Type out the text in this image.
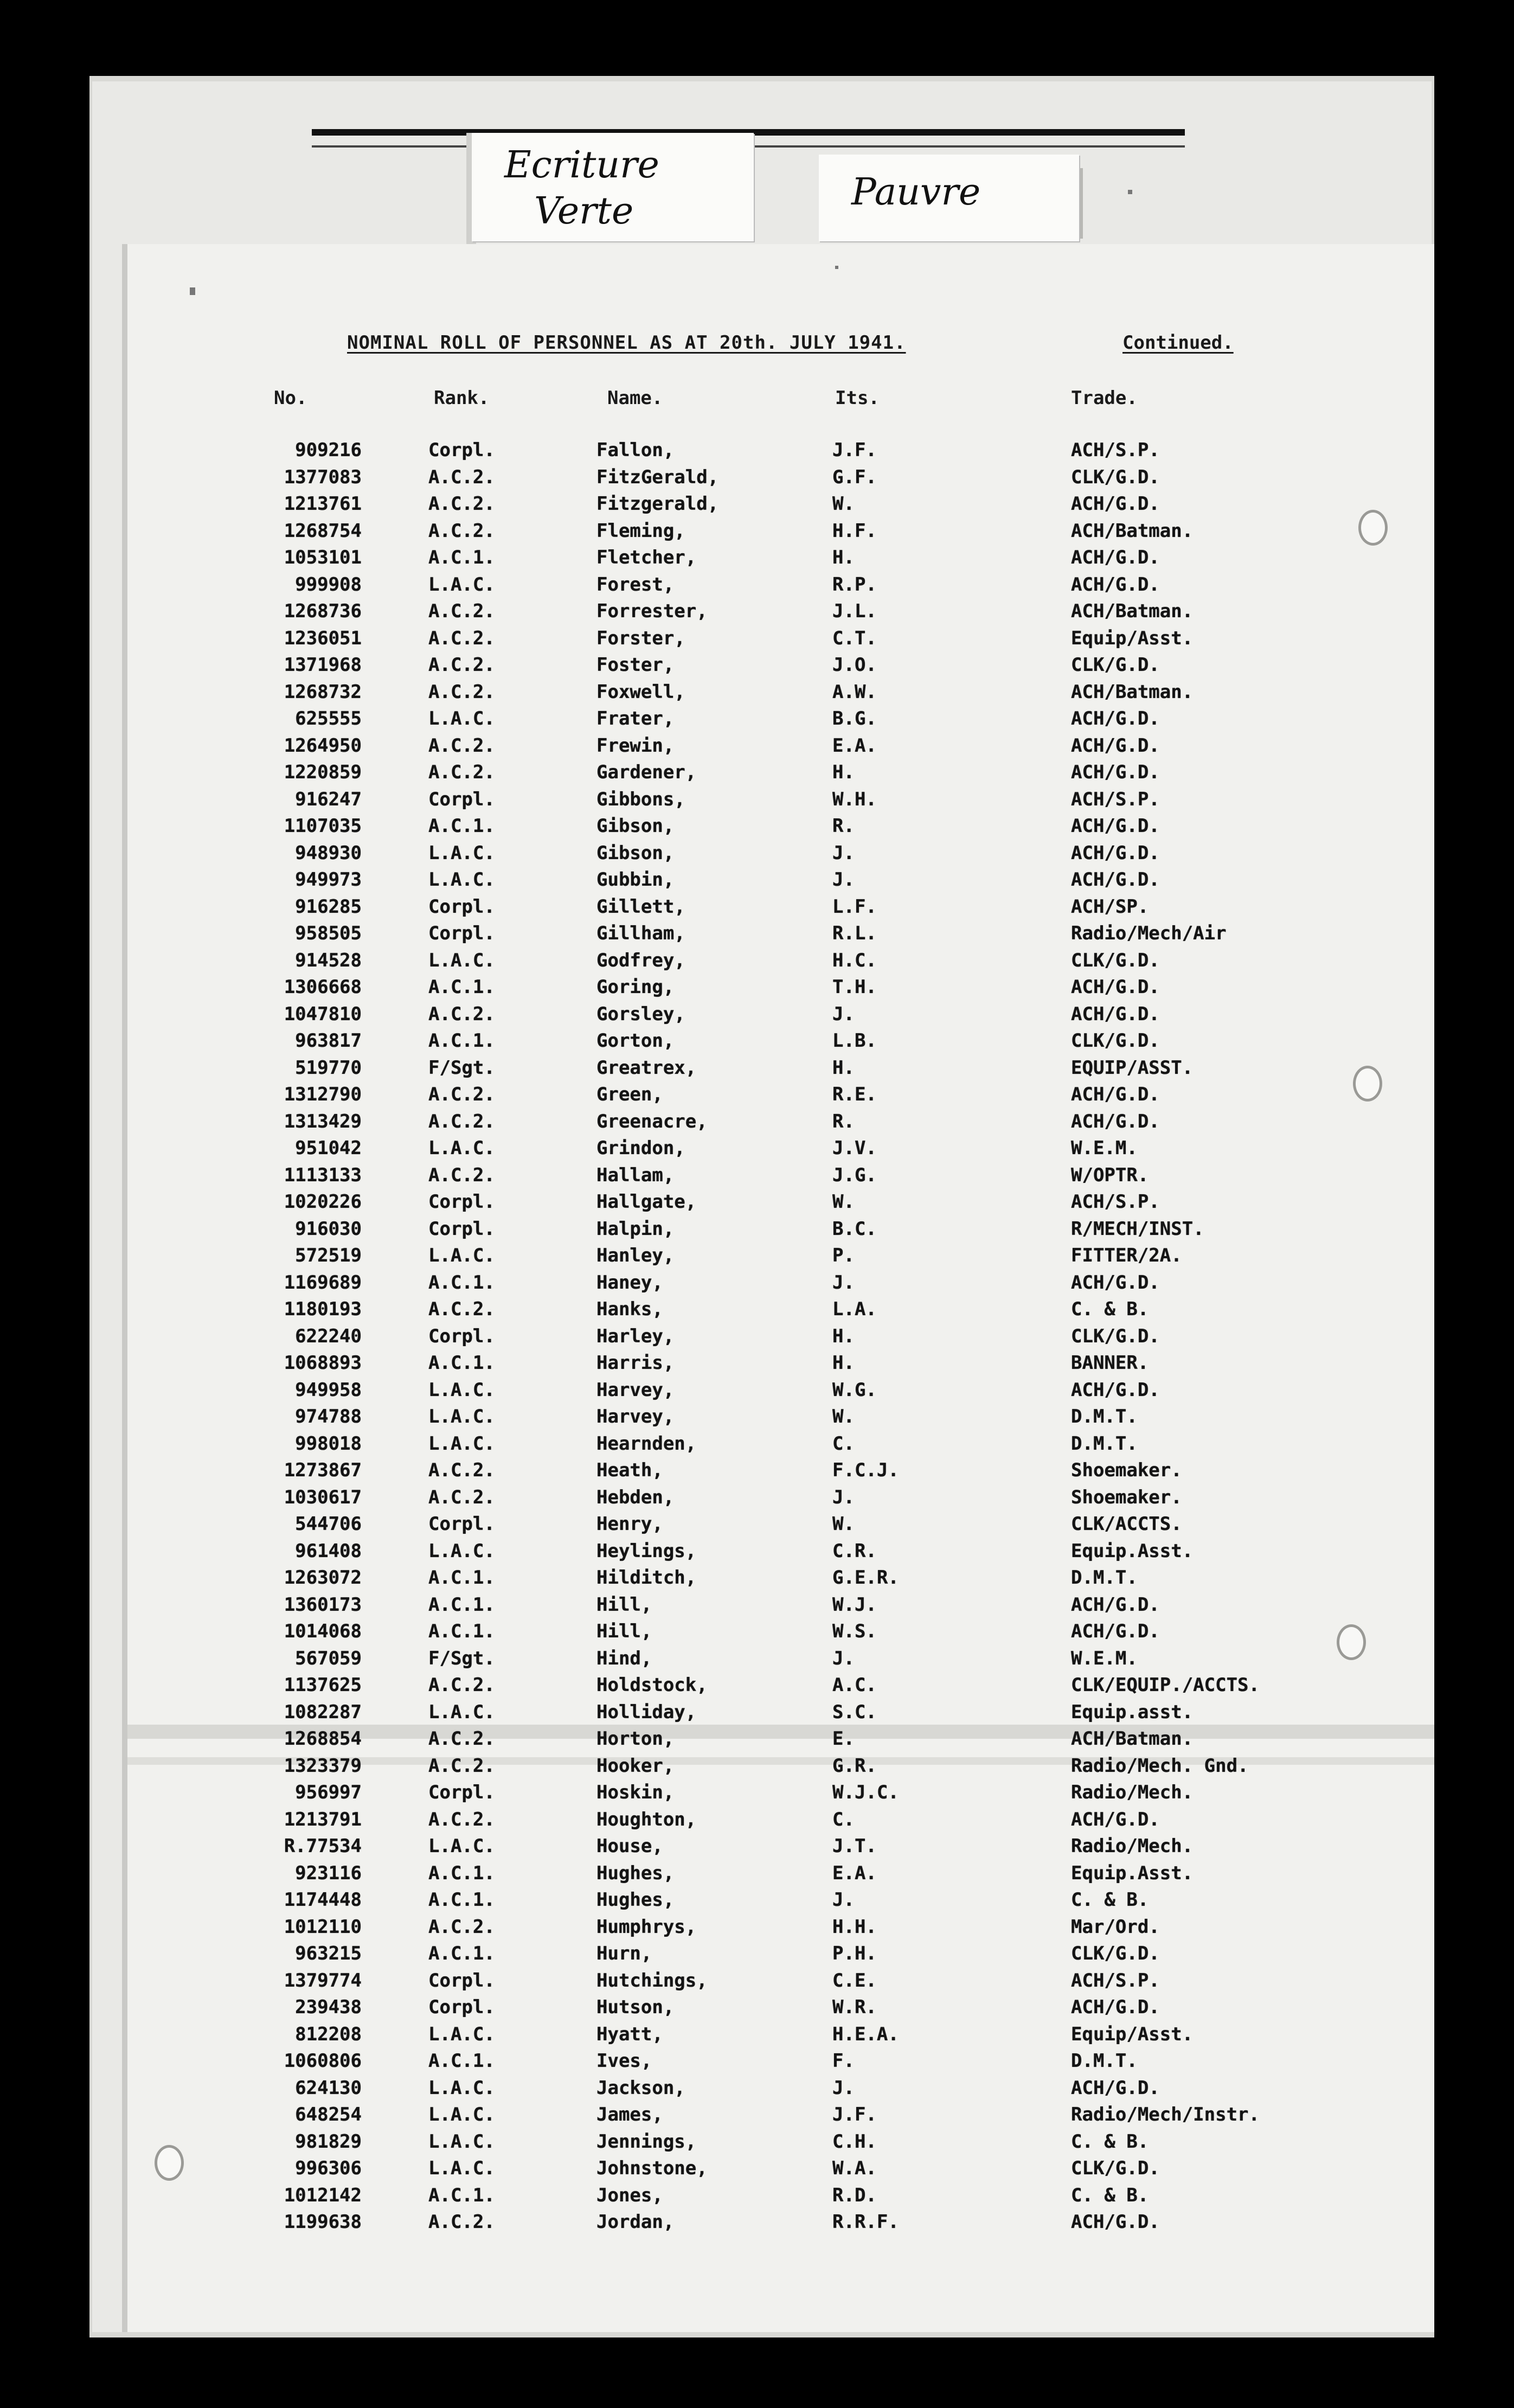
Ecriture
Verte	Pauvre
NOMINAL ROLL OF PERSONNEL AS AT 20th. JULY 1941.	Continued.
No.	Rank.	Name.	Its.	Trade.
909216	Corpl.	Fallon,	J.F.	ACH/S.P.
1377083	A.C.2.	FitzGerald,	G.F.	CLK/G.D.
1213761	A.C.2.	Fitzgerald,	W.	ACH/G.D.
1268754	A.C.2.	Fleming,	H.F.	ACH/Batman.
1053101	A.C.1.	Fletcher,	H.	ACH/G.D.
999908	L.A.C.	Forest,	R.P.	ACH/G.D.
1268736	A.C.2.	Forrester,	J.L.	ACH/Batman.
1236051	A.C.2.	Forster,	C.T.	Equip/Asst.
1371968	A.C.2.	Foster,	J.O.	CLK/G.D.
1268732	A.C.2.	Foxwell,	A.W.	ACH/Batman.
625555	L.A.C.	Frater,	B.G.	ACH/G.D.
1264950	A.C.2.	Frewin,	E.A.	ACH/G.D.
1220859	A.C.2.	Gardener,	H.	ACH/G.D.
916247	Corpl.	Gibbons,	W.H.	ACH/S.P.
1107035	A.C.1.	Gibson,	R.	ACH/G.D.
948930	L.A.C.	Gibson,	J.	ACH/G.D.
949973	L.A.C.	Gubbin,	J.	ACH/G.D.
916285	Corpl.	Gillett,	L.F.	ACH/SP.
958505	Corpl.	Gillham,	R.L.	Radio/Mech/Air
914528	L.A.C.	Godfrey,	H.C.	CLK/G.D.
1306668	A.C.1.	Goring,	T.H.	ACH/G.D.
1047810	A.C.2.	Gorsley,	J.	ACH/G.D.
963817	A.C.1.	Gorton,	L.B.	CLK/G.D.
519770	F/Sgt.	Greatrex,	H.	EQUIP/ASST.
1312790	A.C.2.	Green,	R.E.	ACH/G.D.
1313429	A.C.2.	Greenacre,	R.	ACH/G.D.
951042	L.A.C.	Grindon,	J.V.	W.E.M.
1113133	A.C.2.	Hallam,	J.G.	W/OPTR.
1020226	Corpl.	Hallgate,	W.	ACH/S.P.
916030	Corpl.	Halpin,	B.C.	R/MECH/INST.
572519	L.A.C.	Hanley,	P.	FITTER/2A.
1169689	A.C.1.	Haney,	J.	ACH/G.D.
1180193	A.C.2.	Hanks,	L.A.	C. & B.
622240	Corpl.	Harley,	H.	CLK/G.D.
1068893	A.C.1.	Harris,	H.	BANNER.
949958	L.A.C.	Harvey,	W.G.	ACH/G.D.
974788	L.A.C.	Harvey,	W.	D.M.T.
998018	L.A.C.	Hearnden,	C.	D.M.T.
1273867	A.C.2.	Heath,	F.C.J.	Shoemaker.
1030617	A.C.2.	Hebden,	J.	Shoemaker.
544706	Corpl.	Henry,	W.	CLK/ACCTS.
961408	L.A.C.	Heylings,	C.R.	Equip.Asst.
1263072	A.C.1.	Hilditch,	G.E.R.	D.M.T.
1360173	A.C.1.	Hill,	W.J.	ACH/G.D.
1014068	A.C.1.	Hill,	W.S.	ACH/G.D.
567059	F/Sgt.	Hind,	J.	W.E.M.
1137625	A.C.2.	Holdstock,	A.C.	CLK/EQUIP./ACCTS.
1082287	L.A.C.	Holliday,	S.C.	Equip.asst.
1268854	A.C.2.	Horton,	E.	ACH/Batman.
1323379	A.C.2.	Hooker,	G.R.	Radio/Mech. Gnd.
956997	Corpl.	Hoskin,	W.J.C.	Radio/Mech.
1213791	A.C.2.	Houghton,	C.	ACH/G.D.
R.77534	L.A.C.	House,	J.T.	Radio/Mech.
923116	A.C.1.	Hughes,	E.A.	Equip.Asst.
1174448	A.C.1.	Hughes,	J.	C. & B.
1012110	A.C.2.	Humphrys,	H.H.	Mar/Ord.
963215	A.C.1.	Hurn,	P.H.	CLK/G.D.
1379774	Corpl.	Hutchings,	C.E.	ACH/S.P.
239438	Corpl.	Hutson,	W.R.	ACH/G.D.
812208	L.A.C.	Hyatt,	H.E.A.	Equip/Asst.
1060806	A.C.1.	Ives,	F.	D.M.T.
624130	L.A.C.	Jackson,	J.	ACH/G.D.
648254	L.A.C.	James,	J.F.	Radio/Mech/Instr.
981829	L.A.C.	Jennings,	C.H.	C. & B.
996306	L.A.C.	Johnstone,	W.A.	CLK/G.D.
1012142	A.C.1.	Jones,	R.D.	C. & B.
1199638	A.C.2.	Jordan,	R.R.F.	ACH/G.D.
